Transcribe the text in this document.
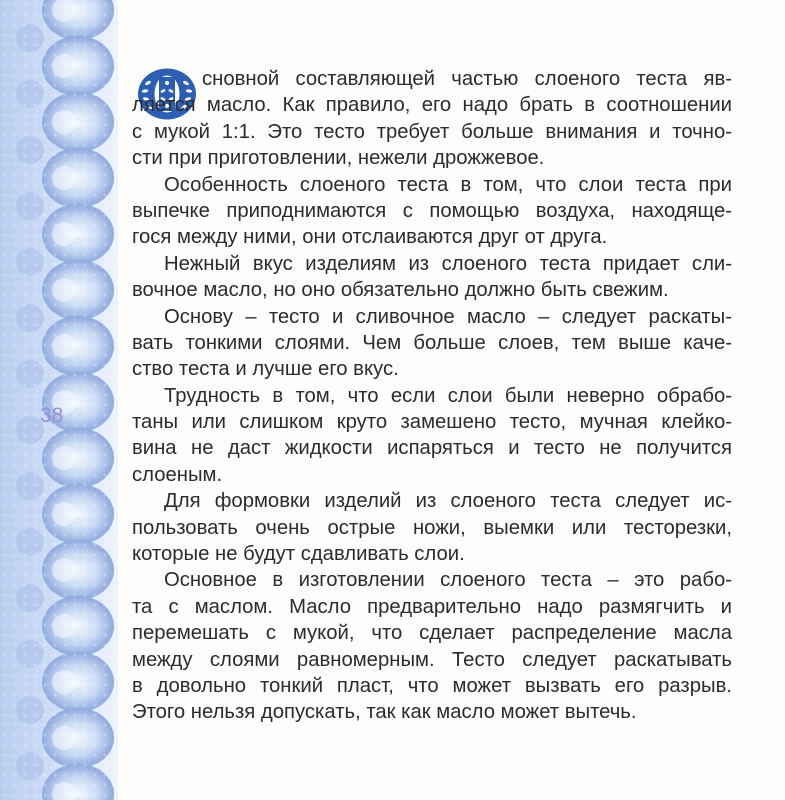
38
сновной составляющей частью слоеного теста яв-
ляется масло. Как правило, его надо брать в соотношении
с мукой 1:1. Это тесто требует больше внимания и точно-
сти при приготовлении, нежели дрожжевое.
Особенность слоеного теста в том, что слои теста при
выпечке приподнимаются с помощью воздуха, находяще-
гося между ними, они отслаиваются друг от друга.
Нежный вкус изделиям из слоеного теста придает сли-
вочное масло, но оно обязательно должно быть свежим.
Основу – тесто и сливочное масло – следует раскаты-
вать тонкими слоями. Чем больше слоев, тем выше каче-
ство теста и лучше его вкус.
Трудность в том, что если слои были неверно обрабо-
таны или слишком круто замешено тесто, мучная клейко-
вина не даст жидкости испаряться и тесто не получится
слоеным.
Для формовки изделий из слоеного теста следует ис-
пользовать очень острые ножи, выемки или тесторезки,
которые не будут сдавливать слои.
Основное в изготовлении слоеного теста – это рабо-
та с маслом. Масло предварительно надо размягчить и
перемешать с мукой, что сделает распределение масла
между слоями равномерным. Тесто следует раскатывать
в довольно тонкий пласт, что может вызвать его разрыв.
Этого нельзя допускать, так как масло может вытечь.
